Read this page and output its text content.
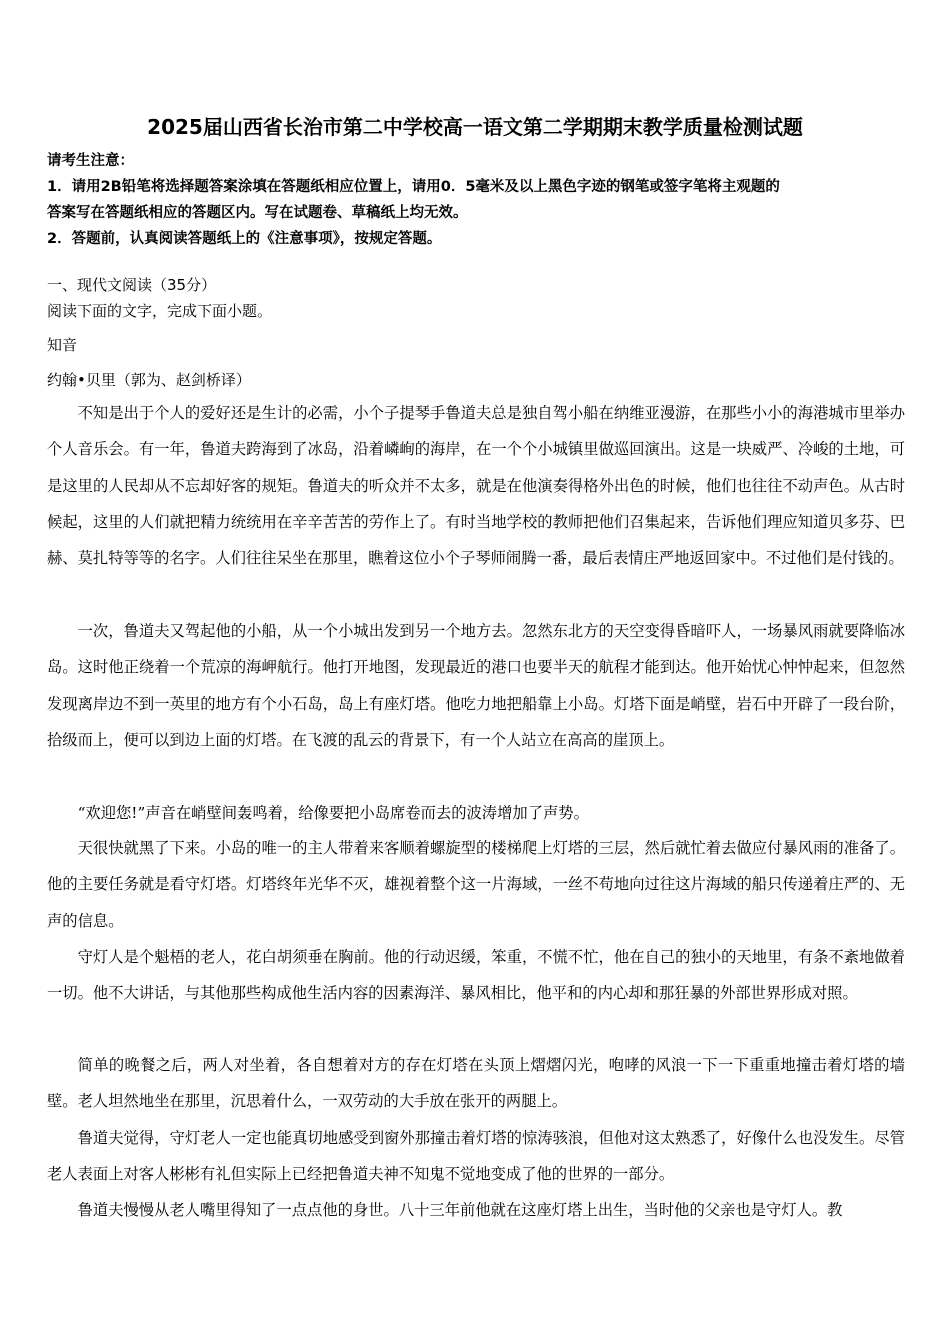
2025届山西省长治市第二中学校高一语文第二学期期末教学质量检测试题
请考生注意：
1．请用2B铅笔将选择题答案涂填在答题纸相应位置上，请用0．5毫米及以上黑色字迹的钢笔或签字笔将主观题的
答案写在答题纸相应的答题区内。写在试题卷、草稿纸上均无效。
2．答题前，认真阅读答题纸上的《注意事项》，按规定答题。
一、现代文阅读（35分）
阅读下面的文字，完成下面小题。
知音
约翰•贝里（郭为、赵剑桥译）
不知是出于个人的爱好还是生计的必需，小个子提琴手鲁道夫总是独自驾小船在纳维亚漫游，在那些小小的海港城市里举办个人音乐会。有一年，鲁道夫跨海到了冰岛，沿着嶙峋的海岸，在一个个小城镇里做巡回演出。这是一块威严、冷峻的土地，可是这里的人民却从不忘却好客的规矩。鲁道夫的听众并不太多，就是在他演奏得格外出色的时候，他们也往往不动声色。从古时候起，这里的人们就把精力统统用在辛辛苦苦的劳作上了。有时当地学校的教师把他们召集起来，告诉他们理应知道贝多芬、巴赫、莫扎特等等的名字。人们往往呆坐在那里，瞧着这位小个子琴师闹腾一番，最后表情庄严地返回家中。不过他们是付钱的。
一次，鲁道夫又驾起他的小船，从一个小城出发到另一个地方去。忽然东北方的天空变得昏暗吓人，一场暴风雨就要降临冰岛。这时他正绕着一个荒凉的海岬航行。他打开地图，发现最近的港口也要半天的航程才能到达。他开始忧心忡忡起来，但忽然发现离岸边不到一英里的地方有个小石岛，岛上有座灯塔。他吃力地把船靠上小岛。灯塔下面是峭壁，岩石中开辟了一段台阶，拾级而上，便可以到边上面的灯塔。在飞渡的乱云的背景下，有一个人站立在高高的崖顶上。
“欢迎您!”声音在峭壁间轰鸣着，给像要把小岛席卷而去的波涛增加了声势。
天很快就黑了下来。小岛的唯一的主人带着来客顺着螺旋型的楼梯爬上灯塔的三层，然后就忙着去做应付暴风雨的准备了。他的主要任务就是看守灯塔。灯塔终年光华不灭，雄视着整个这一片海域，一丝不苟地向过往这片海域的船只传递着庄严的、无声的信息。
守灯人是个魁梧的老人，花白胡须垂在胸前。他的行动迟缓，笨重，不慌不忙，他在自己的独小的天地里，有条不紊地做着一切。他不大讲话，与其他那些构成他生活内容的因素海洋、暴风相比，他平和的内心却和那狂暴的外部世界形成对照。
简单的晚餐之后，两人对坐着，各自想着对方的存在灯塔在头顶上熠熠闪光，咆哮的风浪一下一下重重地撞击着灯塔的墙壁。老人坦然地坐在那里，沉思着什么，一双劳动的大手放在张开的两腿上。
鲁道夫觉得，守灯老人一定也能真切地感受到窗外那撞击着灯塔的惊涛骇浪，但他对这太熟悉了，好像什么也没发生。尽管老人表面上对客人彬彬有礼但实际上已经把鲁道夫神不知鬼不觉地变成了他的世界的一部分。
鲁道夫慢慢从老人嘴里得知了一点点他的身世。八十三年前他就在这座灯塔上出生，当时他的父亲也是守灯人。教
